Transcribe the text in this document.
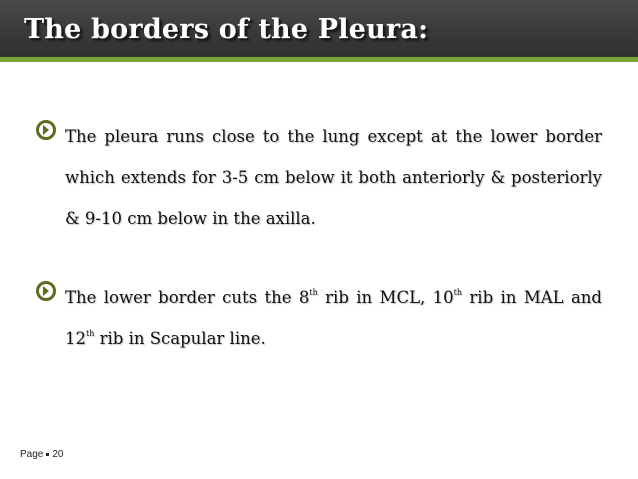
The borders of the Pleura:
The pleura runs close to the lung except at the lower border which extends for 3-5 cm below it both anteriorly & posteriorly & 9-10 cm below in the axilla.
The lower border cuts the 8th rib in MCL, 10th rib in MAL and 12th rib in Scapular line.
Page 20
